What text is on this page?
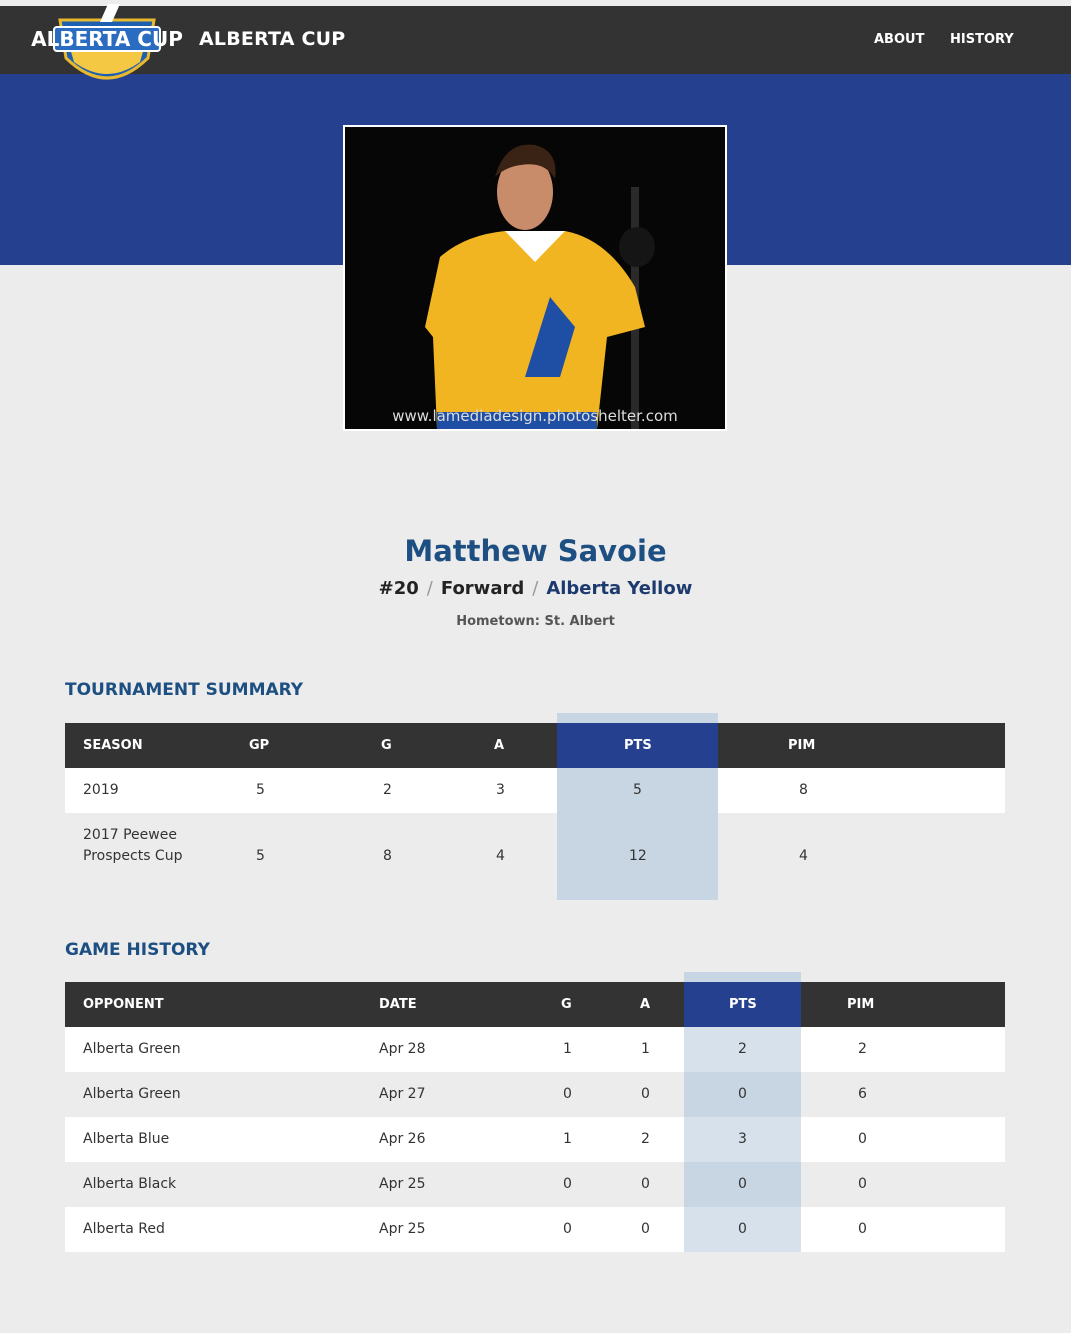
ALBERTA CUP ALBERTA CUP	ABOUT HISTORY
www.lamediadesign.photoshelter.com
Matthew Savoie
#20 / Forward / Alberta Yellow
Hometown: St. Albert
TOURNAMENT SUMMARY
SEASON	GP	G	A	PTS	PIM
2019	5	2	3	5	8
2017 Peewee Prospects Cup	5	8	4	12	4
GAME HISTORY
OPPONENT	DATE	G	A	PTS	PIM
Alberta Green	Apr 28	1	1	2	2
Alberta Green	Apr 27	0	0	0	6
Alberta Blue	Apr 26	1	2	3	0
Alberta Black	Apr 25	0	0	0	0
Alberta Red	Apr 25	0	0	0	0
